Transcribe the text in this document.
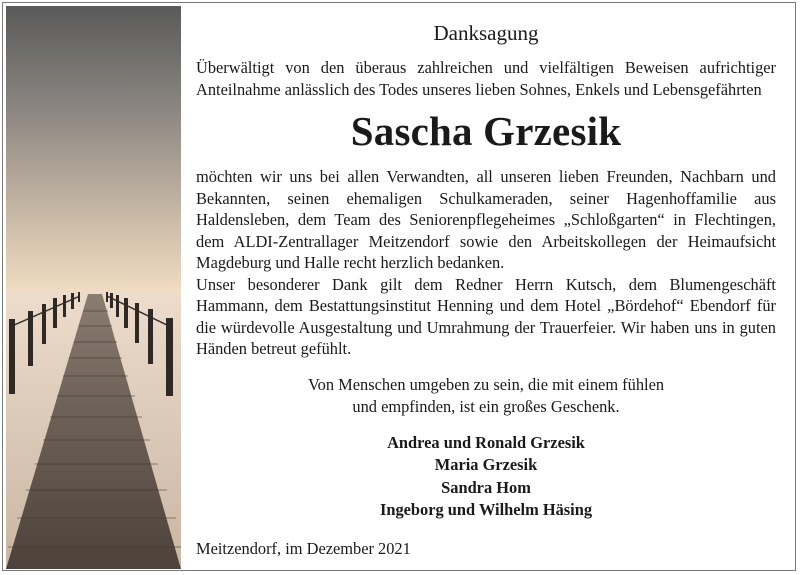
Danksagung

Überwältigt von den überaus zahlreichen und vielfältigen Beweisen aufrichtiger Anteilnahme anlässlich des Todes unseres lieben Sohnes, Enkels und Lebensgefährten

Sascha Grzesik

möchten wir uns bei allen Verwandten, all unseren lieben Freunden, Nachbarn und Bekannten, seinen ehemaligen Schulkameraden, seiner Hagenhoffamilie aus Haldensleben, dem Team des Seniorenpflegeheimes „Schloßgarten“ in Flechtingen, dem ALDI-Zentrallager Meitzendorf sowie den Arbeitskollegen der Heimaufsicht Magdeburg und Halle recht herzlich bedanken.

Unser besonderer Dank gilt dem Redner Herrn Kutsch, dem Blumengeschäft Hammann, dem Bestattungsinstitut Henning und dem Hotel „Bördehof“ Ebendorf für die würdevolle Ausgestaltung und Umrahmung der Trauerfeier. Wir haben uns in guten Händen betreut gefühlt.

Von Menschen umgeben zu sein, die mit einem fühlen
und empfinden, ist ein großes Geschenk.
Andrea und Ronald Grzesik
Maria Grzesik
Sandra Hom
Ingeborg und Wilhelm Häsing
Meitzendorf, im Dezember 2021
